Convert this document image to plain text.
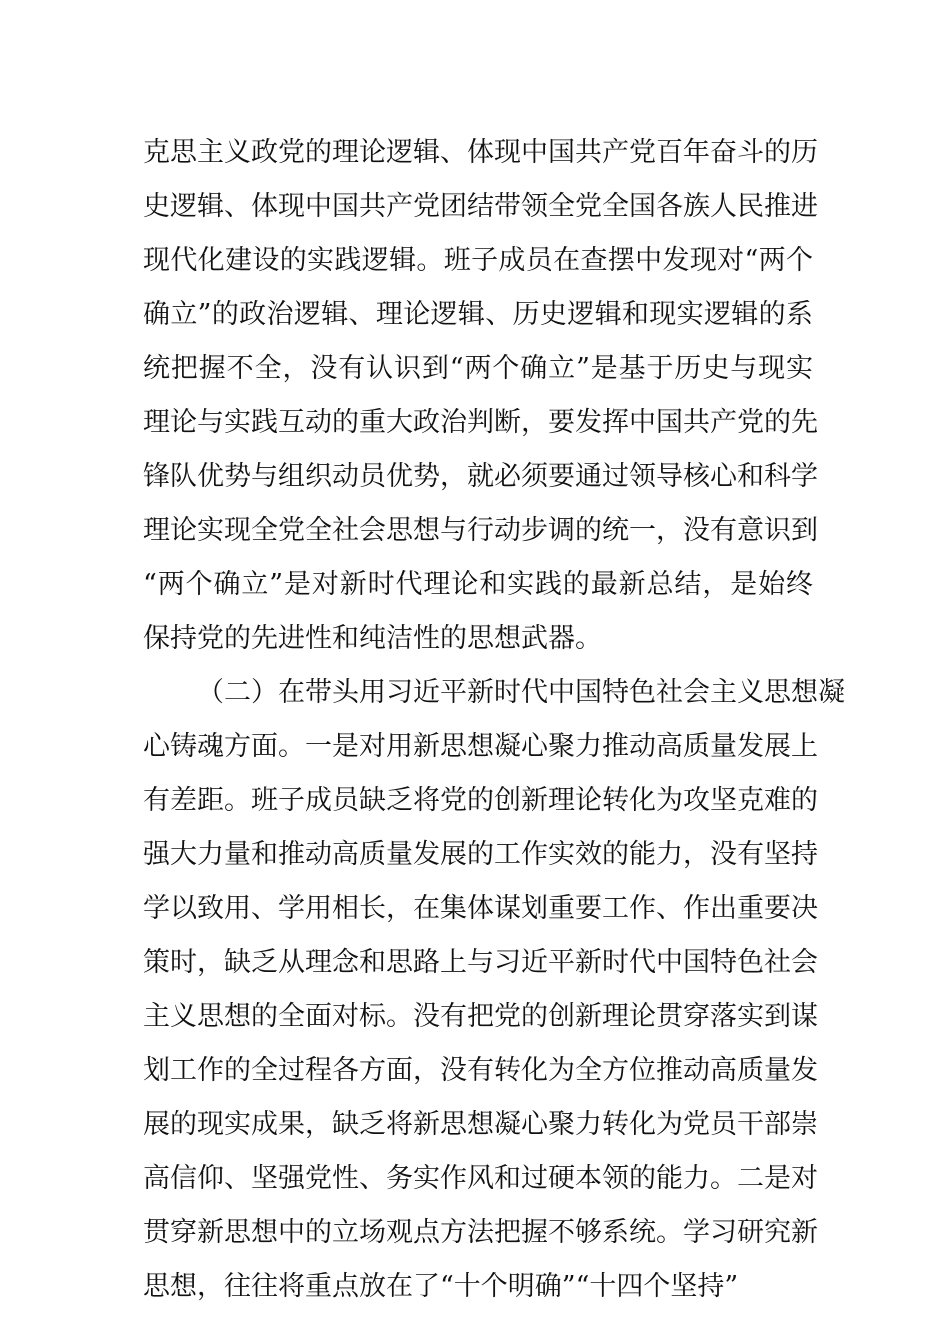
克思主义政党的理论逻辑、体现中国共产党百年奋斗的历
史逻辑、体现中国共产党团结带领全党全国各族人民推进
现代化建设的实践逻辑。班子成员在查摆中发现对“两个
确立”的政治逻辑、理论逻辑、历史逻辑和现实逻辑的系
统把握不全，没有认识到“两个确立”是基于历史与现实
理论与实践互动的重大政治判断，要发挥中国共产党的先
锋队优势与组织动员优势，就必须要通过领导核心和科学
理论实现全党全社会思想与行动步调的统一，没有意识到
“两个确立”是对新时代理论和实践的最新总结，是始终
保持党的先进性和纯洁性的思想武器。
（二）在带头用习近平新时代中国特色社会主义思想凝
心铸魂方面。一是对用新思想凝心聚力推动高质量发展上
有差距。班子成员缺乏将党的创新理论转化为攻坚克难的
强大力量和推动高质量发展的工作实效的能力，没有坚持
学以致用、学用相长，在集体谋划重要工作、作出重要决
策时，缺乏从理念和思路上与习近平新时代中国特色社会
主义思想的全面对标。没有把党的创新理论贯穿落实到谋
划工作的全过程各方面，没有转化为全方位推动高质量发
展的现实成果，缺乏将新思想凝心聚力转化为党员干部崇
高信仰、坚强党性、务实作风和过硬本领的能力。二是对
贯穿新思想中的立场观点方法把握不够系统。学习研究新
思想，往往将重点放在了“十个明确”“十四个坚持”
